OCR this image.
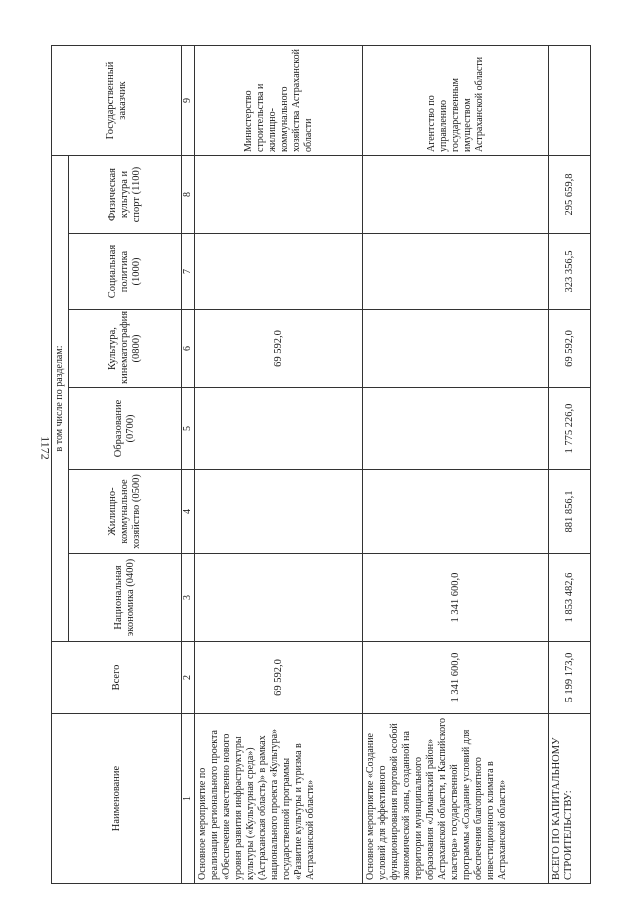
1172
Наименование	Всего	в том числе по разделам:						Государственный заказчик
		Национальная экономика (0400)	Жилищно-коммунальное хозяйство (0500)	Образование (0700)	Культура, кинематография (0800)	Социальная политика (1000)	Физическая культура и спорт (1100)	
1	2	3	4	5	6	7	8	9
Основное мероприятие по реализации регионального проекта «Обеспечение качественно нового уровня развития инфраструктуры культуры («Культурная среда») (Астраханская область)» в рамках национального проекта «Культура» государственной программы «Развитие культуры и туризма в Астраханской области»	69 592,0				69 592,0			Министерство строительства и жилищно-коммунального хозяйства Астраханской области
Основное мероприятие «Создание условий для эффективного функционирования портовой особой экономической зоны, созданной на территории муниципального образования «Лиманский район» Астраханской области, и Каспийского кластера» государственной программы «Создание условий для обеспечения благоприятного инвестиционного климата в Астраханской области»	1 341 600,0	1 341 600,0						Агентство по управлению государственным имуществом Астраханской области
ВСЕГО ПО КАПИТАЛЬНОМУ СТРОИТЕЛЬСТВУ:	5 199 173,0	1 853 482,6	881 856,1	1 775 226,0	69 592,0	323 356,5	295 659,8	
